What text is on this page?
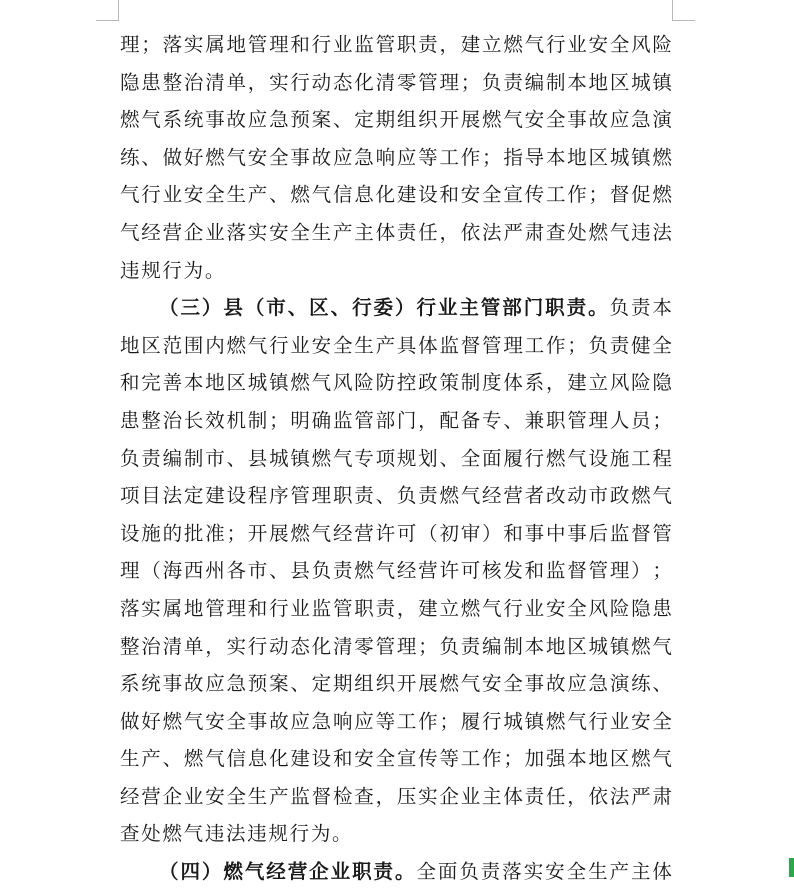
理 ； 落 实 属 地 管 理 和 行 业 监 管 职 责 ， 建 立 燃 气 行 业 安 全 风 险
隐 患 整 治 清 单 ， 实 行 动 态 化 清 零 管 理 ； 负 责 编 制 本 地 区 城 镇
燃 气 系 统 事 故 应 急 预 案 、 定 期 组 织 开 展 燃 气 安 全 事 故 应 急 演
练 、 做 好 燃 气 安 全 事 故 应 急 响 应 等 工 作 ； 指 导 本 地 区 城 镇 燃
气 行 业 安 全 生 产 、 燃 气 信 息 化 建 设 和 安 全 宣 传 工 作 ； 督 促 燃
气 经 营 企 业 落 实 安 全 生 产 主 体 责 任 ， 依 法 严 肃 查 处 燃 气 违 法
违 规 行 为 。
（ 三 ） 县 （ 市 、 区 、 行 委 ） 行 业 主 管 部 门 职 责 。 负 责 本
地 区 范 围 内 燃 气 行 业 安 全 生 产 具 体 监 督 管 理 工 作 ； 负 责 健 全
和 完 善 本 地 区 城 镇 燃 气 风 险 防 控 政 策 制 度 体 系 ， 建 立 风 险 隐
患 整 治 长 效 机 制 ； 明 确 监 管 部 门 ， 配 备 专 、 兼 职 管 理 人 员 ；
负 责 编 制 市 、 县 城 镇 燃 气 专 项 规 划 、 全 面 履 行 燃 气 设 施 工 程
项 目 法 定 建 设 程 序 管 理 职 责 、 负 责 燃 气 经 营 者 改 动 市 政 燃 气
设 施 的 批 准 ； 开 展 燃 气 经 营 许 可 （ 初 审 ） 和 事 中 事 后 监 督 管
理 （ 海 西 州 各 市 、 县 负 责 燃 气 经 营 许 可 核 发 和 监 督 管 理 ） ；
落 实 属 地 管 理 和 行 业 监 管 职 责 ， 建 立 燃 气 行 业 安 全 风 险 隐 患
整 治 清 单 ， 实 行 动 态 化 清 零 管 理 ； 负 责 编 制 本 地 区 城 镇 燃 气
系 统 事 故 应 急 预 案 、 定 期 组 织 开 展 燃 气 安 全 事 故 应 急 演 练 、
做 好 燃 气 安 全 事 故 应 急 响 应 等 工 作 ； 履 行 城 镇 燃 气 行 业 安 全
生 产 、 燃 气 信 息 化 建 设 和 安 全 宣 传 等 工 作 ； 加 强 本 地 区 燃 气
经 营 企 业 安 全 生 产 监 督 检 查 ， 压 实 企 业 主 体 责 任 ， 依 法 严 肃
查 处 燃 气 违 法 违 规 行 为 。
（ 四 ） 燃 气 经 营 企 业 职 责 。 全 面 负 责 落 实 安 全 生 产 主 体
